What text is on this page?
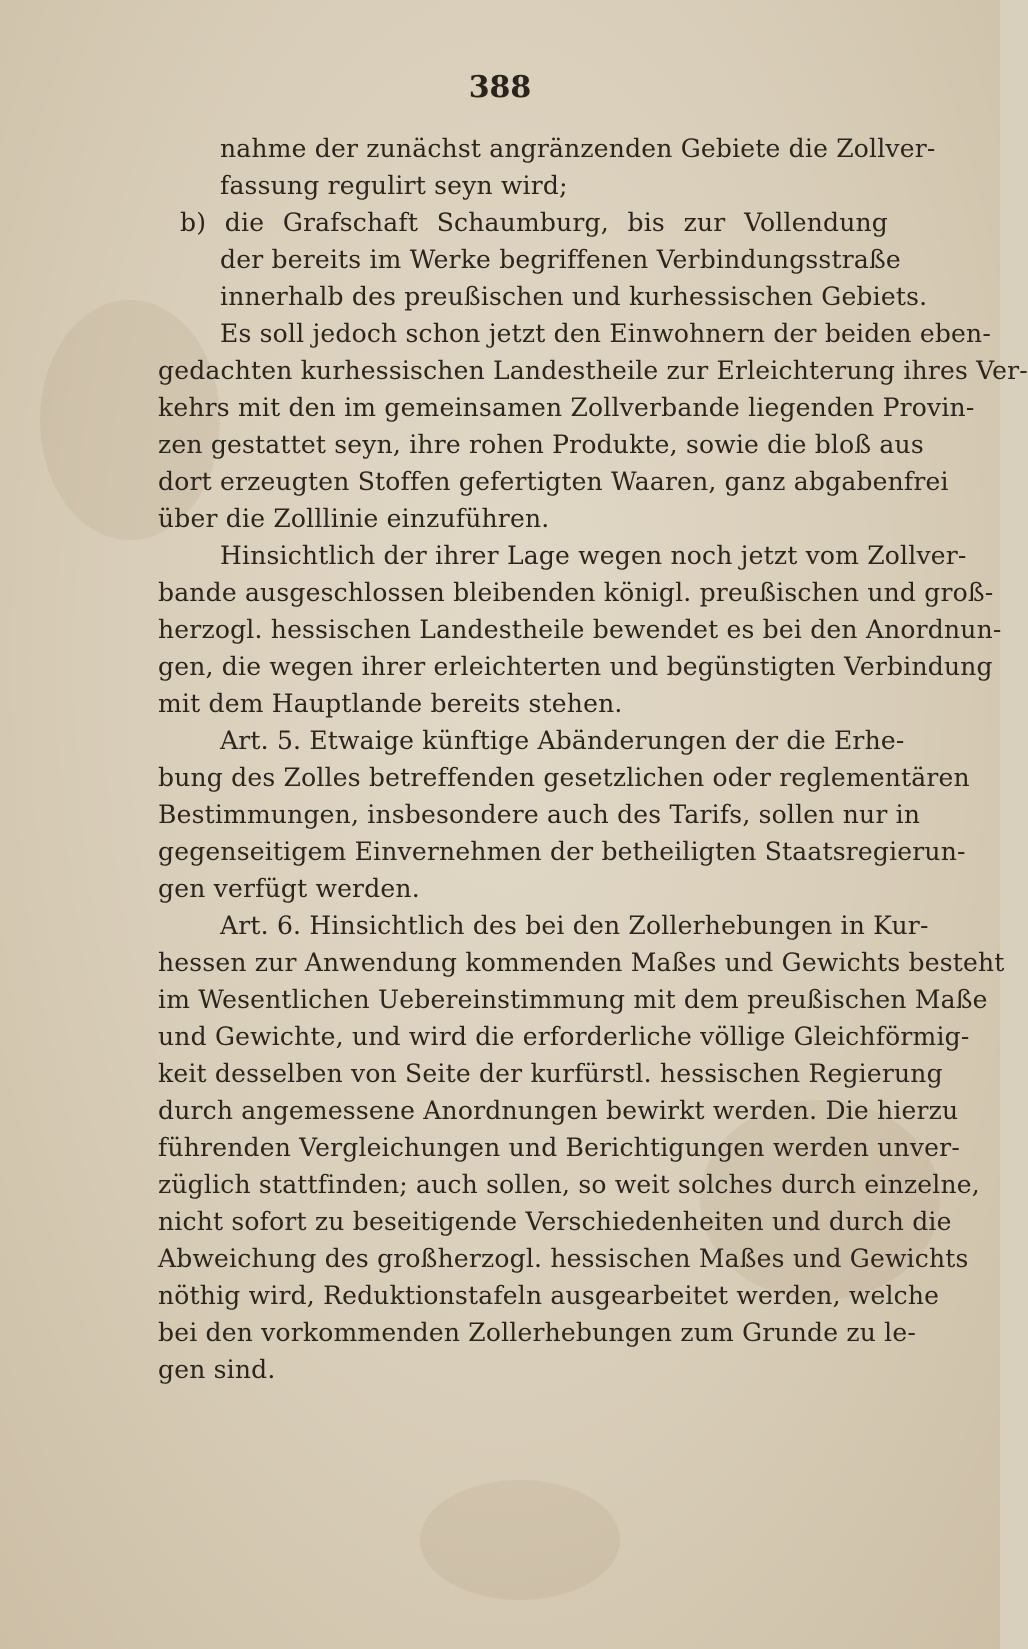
388
nahme der zunächst angränzenden Gebiete die Zollver-
fassung regulirt seyn wird;
b) die Grafschaft Schaumburg, bis zur Vollendung
der bereits im Werke begriffenen Verbindungsstraße
innerhalb des preußischen und kurhessischen Gebiets.
Es soll jedoch schon jetzt den Einwohnern der beiden eben-
gedachten kurhessischen Landestheile zur Erleichterung ihres Ver-
kehrs mit den im gemeinsamen Zollverbande liegenden Provin-
zen gestattet seyn, ihre rohen Produkte, sowie die bloß aus
dort erzeugten Stoffen gefertigten Waaren, ganz abgabenfrei
über die Zolllinie einzuführen.
Hinsichtlich der ihrer Lage wegen noch jetzt vom Zollver-
bande ausgeschlossen bleibenden königl. preußischen und groß-
herzogl. hessischen Landestheile bewendet es bei den Anordnun-
gen, die wegen ihrer erleichterten und begünstigten Verbindung
mit dem Hauptlande bereits stehen.
Art. 5. Etwaige künftige Abänderungen der die Erhe-
bung des Zolles betreffenden gesetzlichen oder reglementären
Bestimmungen, insbesondere auch des Tarifs, sollen nur in
gegenseitigem Einvernehmen der betheiligten Staatsregierun-
gen verfügt werden.
Art. 6. Hinsichtlich des bei den Zollerhebungen in Kur-
hessen zur Anwendung kommenden Maßes und Gewichts besteht
im Wesentlichen Uebereinstimmung mit dem preußischen Maße
und Gewichte, und wird die erforderliche völlige Gleichförmig-
keit desselben von Seite der kurfürstl. hessischen Regierung
durch angemessene Anordnungen bewirkt werden. Die hierzu
führenden Vergleichungen und Berichtigungen werden unver-
züglich stattfinden; auch sollen, so weit solches durch einzelne,
nicht sofort zu beseitigende Verschiedenheiten und durch die
Abweichung des großherzogl. hessischen Maßes und Gewichts
nöthig wird, Reduktionstafeln ausgearbeitet werden, welche
bei den vorkommenden Zollerhebungen zum Grunde zu le-
gen sind.
